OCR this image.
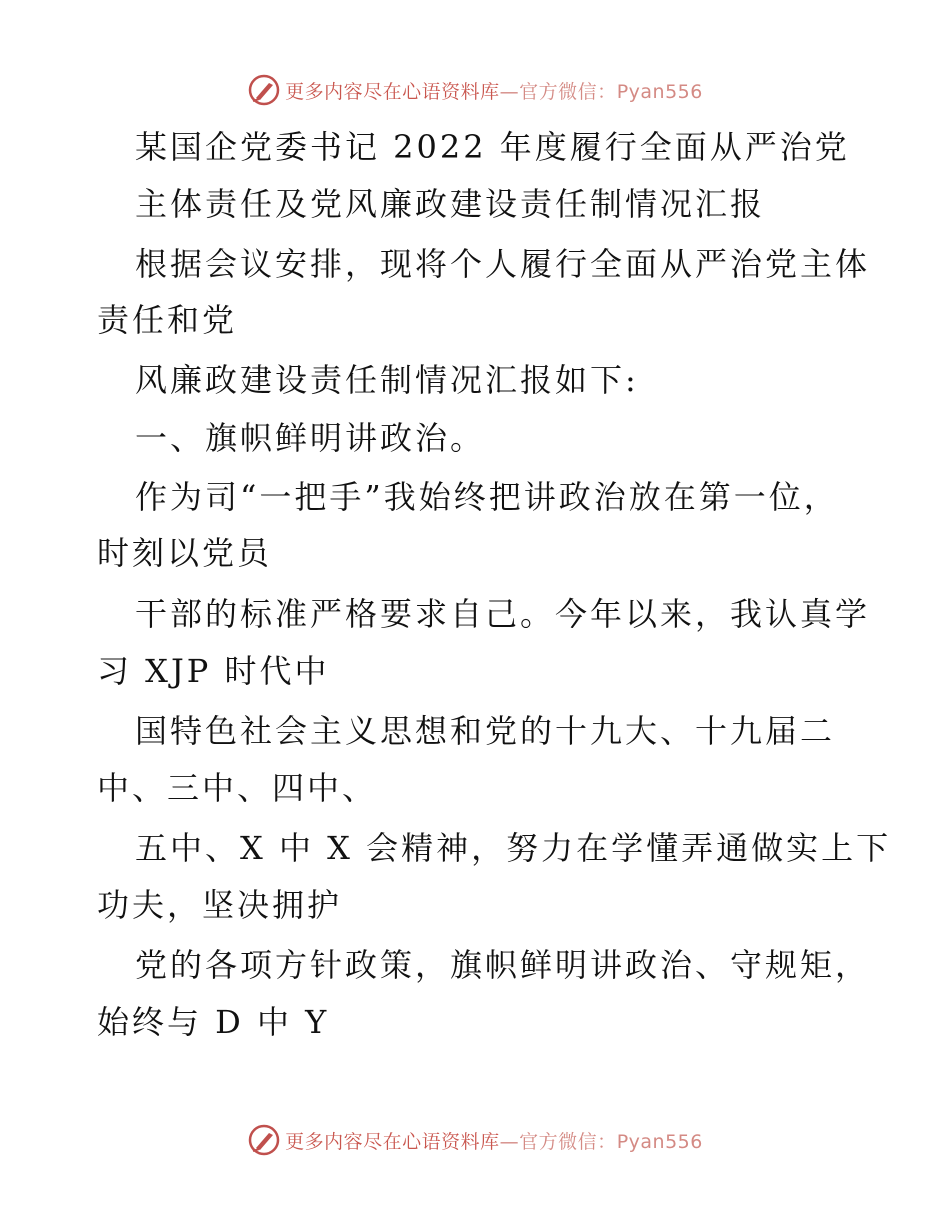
更多内容尽在心语资料库—官方微信：Pyan556
某国企党委书记 2022 年度履行全面从严治党
主体责任及党风廉政建设责任制情况汇报
根据会议安排，现将个人履行全面从严治党主体
责任和党
风廉政建设责任制情况汇报如下:
一、旗帜鲜明讲政治。
作为司“一把手”我始终把讲政治放在第一位，
时刻以党员
干部的标准严格要求自己。今年以来，我认真学
习 XJP 时代中
国特色社会主义思想和党的十九大、十九届二
中、三中、四中、
五中、X 中 X 会精神，努力在学懂弄通做实上下
功夫，坚决拥护
党的各项方针政策，旗帜鲜明讲政治、守规矩，
始终与 D 中 Y
更多内容尽在心语资料库—官方微信：Pyan556
